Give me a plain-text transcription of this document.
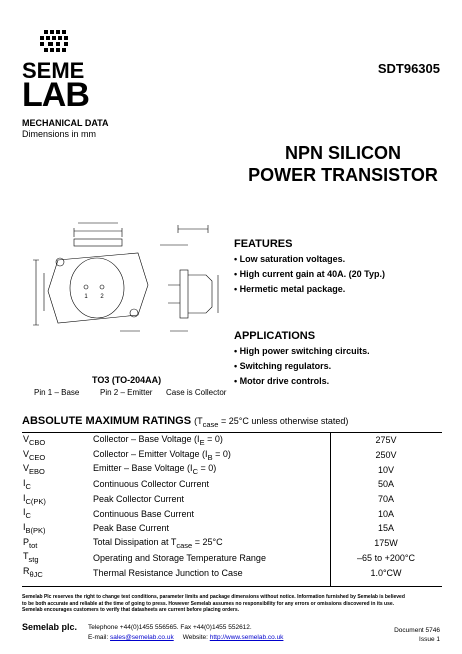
SEME
LAB
SDT96305
MECHANICAL DATA
Dimensions in mm
NPN SILICON
POWER TRANSISTOR
1 2
FEATURES
• Low saturation voltages.
• High current gain at 40A. (20 Typ.)
• Hermetic metal package.
APPLICATIONS
• High power switching circuits.
• Switching regulators.
• Motor drive controls.
TO3 (TO-204AA)
Pin 1 – Base	Pin 2 – Emitter Case is Collector
ABSOLUTE MAXIMUM RATINGS ($T_{case} = 25^\circ C$ unless otherwise stated)
$V_{CBO}$	Collector – Base Voltage $(I_E = 0)$	275V
$V_{CEO}$	Collector – Emitter Voltage $(I_B = 0)$	250V
$V_{EBO}$	Emitter – Base Voltage $(I_C = 0)$	10V
$I_C$	Continuous Collector Current	50A
$I_{C(PK)}$	Peak Collector Current	70A
$I_C$	Continuous Base Current	10A
$I_{B(PK)}$	Peak Base Current	15A
$P_{tot}$	Total Dissipation at $T_{case} = 25^\circ C$	175W
$T_{stg}$	Operating and Storage Temperature Range	–65 to +200°C
$R_{\theta JC}$	Thermal Resistance Junction to Case	1.0°CW
Semelab Plc reserves the right to change test conditions, parameter limits and package dimensions without notice. Information furnished by Semelab is believed
to be both accurate and reliable at the time of going to press. However Semelab assumes no responsibility for any errors or omissions discovered in its use.
Semelab encourages customers to verify that datasheets are current before placing orders.
Semelab plc. Telephone +44(0)1455 556565. Fax +44(0)1455 552612.
E-mail: sales@semelab.co.uk Website: http://www.semelab.co.uk
Document 5746
Issue 1
